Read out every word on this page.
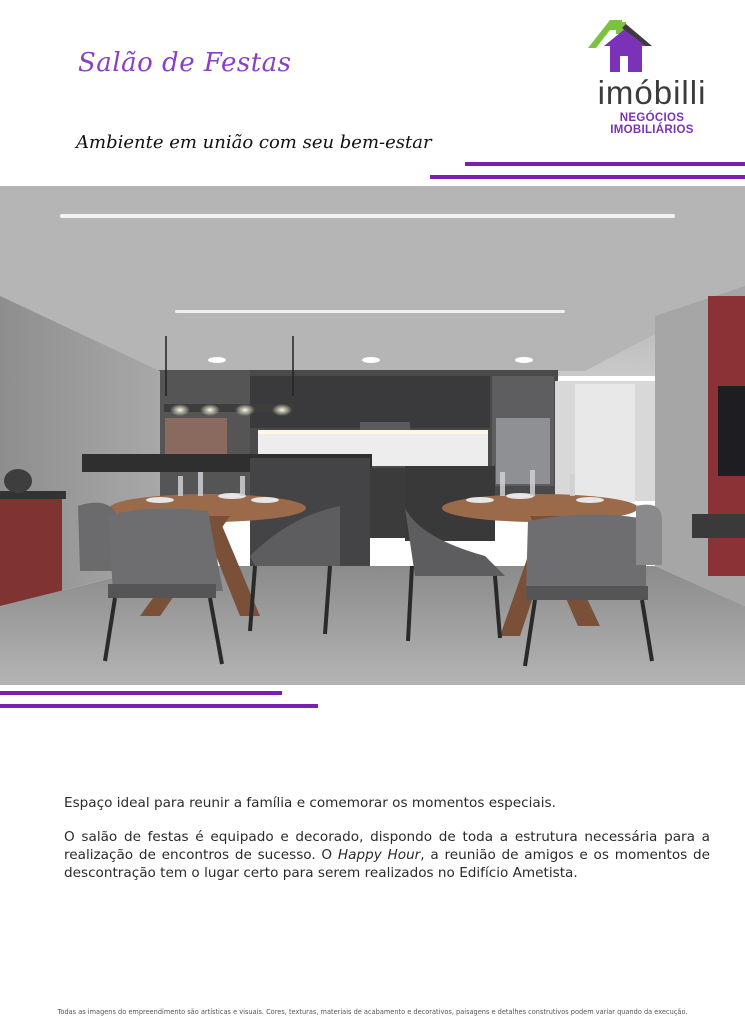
Salão de Festas
Ambiente em união com seu bem-estar
imóbilli
NEGÓCIOS IMOBILIÁRIOS

Espaço ideal para reunir a família e comemorar os momentos especiais.

O salão de festas é equipado e decorado, dispondo de toda a estrutura necessária para a realização de encontros de sucesso. O Happy Hour, a reunião de amigos e os momentos de descontração tem o lugar certo para serem realizados no Edifício Ametista.

Todas as imagens do empreendimento são artísticas e visuais. Cores, texturas, materiais de acabamento e decorativos, paisagens e detalhes construtivos podem variar quando da execução.
